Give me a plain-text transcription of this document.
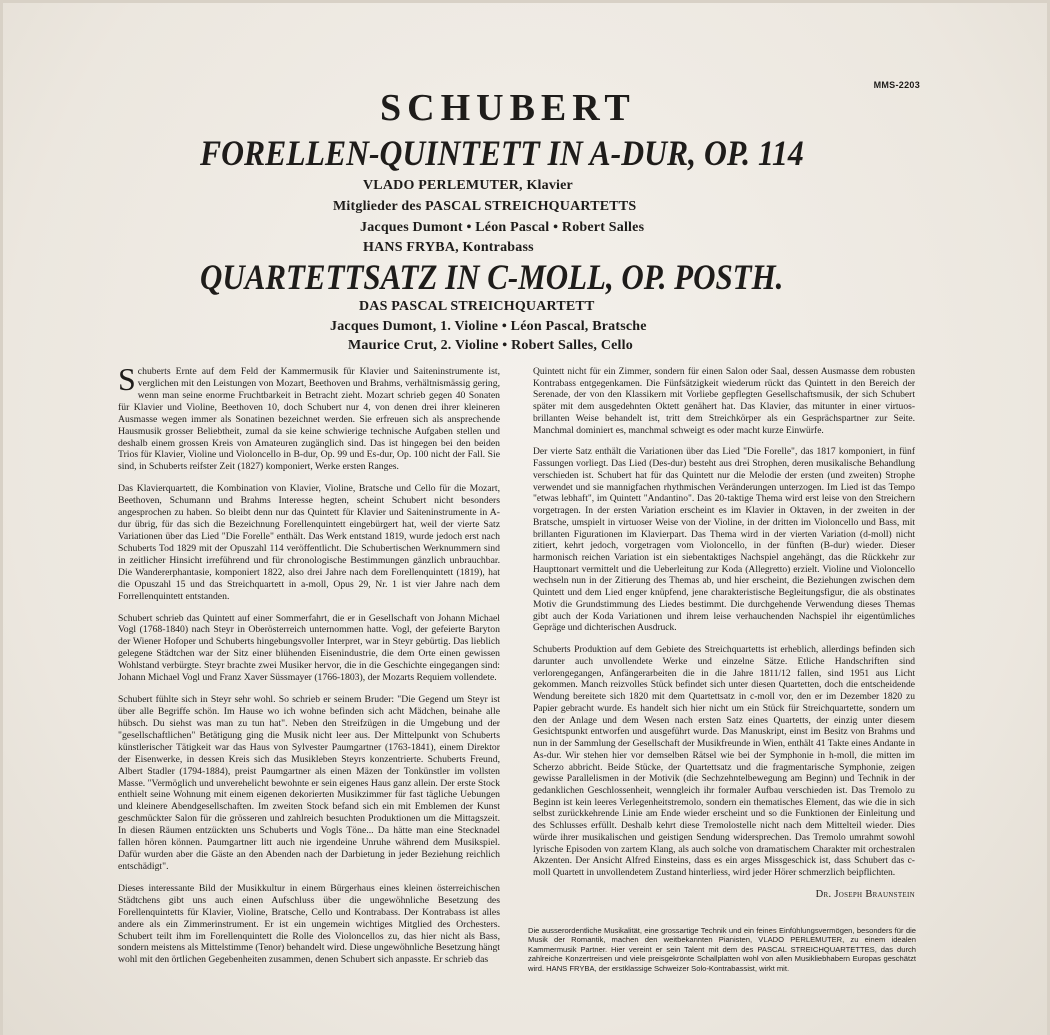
MMS-2203
SCHUBERT
FORELLEN-QUINTETT IN A-DUR, OP. 114
VLADO PERLEMUTER, Klavier
Mitglieder des PASCAL STREICHQUARTETTS
Jacques Dumont • Léon Pascal • Robert Salles
HANS FRYBA, Kontrabass
QUARTETTSATZ IN C-MOLL, OP. POSTH.
DAS PASCAL STREICHQUARTETT
Jacques Dumont, 1. Violine • Léon Pascal, Bratsche
Maurice Crut, 2. Violine • Robert Salles, Cello

Schuberts Ernte auf dem Feld der Kammermusik für Klavier und Saiteninstrumente ist, verglichen mit den Leistungen von Mozart, Beethoven und Brahms, verhältnismässig gering, wenn man seine enorme Fruchtbarkeit in Betracht zieht. Mozart schrieb gegen 40 Sonaten für Klavier und Violine, Beethoven 10, doch Schubert nur 4, von denen drei ihrer kleineren Ausmasse wegen immer als Sonatinen bezeichnet werden. Sie erfreuen sich als ansprechende Hausmusik grosser Beliebtheit, zumal da sie keine schwierige technische Aufgaben stellen und deshalb einem grossen Kreis von Amateuren zugänglich sind. Das ist hingegen bei den beiden Trios für Klavier, Violine und Violoncello in B-dur, Op. 99 und Es-dur, Op. 100 nicht der Fall. Sie sind, in Schuberts reifster Zeit (1827) komponiert, Werke ersten Ranges.

Das Klavierquartett, die Kombination von Klavier, Violine, Bratsche und Cello für die Mozart, Beethoven, Schumann und Brahms Interesse hegten, scheint Schubert nicht besonders angesprochen zu haben. So bleibt denn nur das Quintett für Klavier und Saiteninstrumente in A-dur übrig, für das sich die Bezeichnung Forellenquintett eingebürgert hat, weil der vierte Satz Variationen über das Lied "Die Forelle" enthält. Das Werk entstand 1819, wurde jedoch erst nach Schuberts Tod 1829 mit der Opuszahl 114 veröffentlicht. Die Schubertischen Werknummern sind in zeitlicher Hinsicht irreführend und für chronologische Bestimmungen gänzlich unbrauchbar. Die Wandererphantasie, komponiert 1822, also drei Jahre nach dem Forellenquintett (1819), hat die Opuszahl 15 und das Streichquartett in a-moll, Opus 29, Nr. 1 ist vier Jahre nach dem Forrellenquintett entstanden.

Schubert schrieb das Quintett auf einer Sommerfahrt, die er in Gesellschaft von Johann Michael Vogl (1768-1840) nach Steyr in Oberösterreich unternommen hatte. Vogl, der gefeierte Baryton der Wiener Hofoper und Schuberts hingebungsvoller Interpret, war in Steyr gebürtig. Das lieblich gelegene Städtchen war der Sitz einer blühenden Eisenindustrie, die dem Orte einen gewissen Wohlstand verbürgte. Steyr brachte zwei Musiker hervor, die in die Geschichte eingegangen sind: Johann Michael Vogl und Franz Xaver Süssmayer (1766-1803), der Mozarts Requiem vollendete.

Schubert fühlte sich in Steyr sehr wohl. So schrieb er seinem Bruder: "Die Gegend um Steyr ist über alle Begriffe schön. Im Hause wo ich wohne befinden sich acht Mädchen, beinahe alle hübsch. Du siehst was man zu tun hat". Neben den Streifzügen in die Umgebung und der "gesellschaftlichen" Betätigung ging die Musik nicht leer aus. Der Mittelpunkt von Schuberts künstlerischer Tätigkeit war das Haus von Sylvester Paumgartner (1763-1841), einem Direktor der Eisenwerke, in dessen Kreis sich das Musikleben Steyrs konzentrierte. Schuberts Freund, Albert Stadler (1794-1884), preist Paumgartner als einen Mäzen der Tonkünstler im vollsten Masse. "Vermöglich und unverehelicht bewohnte er sein eigenes Haus ganz allein. Der erste Stock enthielt seine Wohnung mit einem eigenen dekorierten Musikzimmer für fast tägliche Uebungen und kleinere Abendgesellschaften. Im zweiten Stock befand sich ein mit Emblemen der Kunst geschmückter Salon für die grösseren und zahlreich besuchten Produktionen um die Mittagszeit. In diesen Räumen entzückten uns Schuberts und Vogls Töne... Da hätte man eine Stecknadel fallen hören können. Paumgartner litt auch nie irgendeine Unruhe während dem Musikspiel. Dafür wurden aber die Gäste an den Abenden nach der Darbietung in jeder Beziehung reichlich entschädigt".

Dieses interessante Bild der Musikkultur in einem Bürgerhaus eines kleinen österreichischen Städtchens gibt uns auch einen Aufschluss über die ungewöhnliche Besetzung des Forellenquintetts für Klavier, Violine, Bratsche, Cello und Kontrabass. Der Kontrabass ist alles andere als ein Zimmerinstrument. Er ist ein ungemein wichtiges Mitglied des Orchesters. Schubert teilt ihm im Forellenquintett die Rolle des Violoncellos zu, das hier nicht als Bass, sondern meistens als Mittelstimme (Tenor) behandelt wird. Diese ungewöhnliche Besetzung hängt wohl mit den örtlichen Gegebenheiten zusammen, denen Schubert sich anpasste. Er schrieb das

Quintett nicht für ein Zimmer, sondern für einen Salon oder Saal, dessen Ausmasse dem robusten Kontrabass entgegenkamen. Die Fünfsätzigkeit wiederum rückt das Quintett in den Bereich der Serenade, der von den Klassikern mit Vorliebe gepflegten Gesellschaftsmusik, der sich Schubert später mit dem ausgedehnten Oktett genähert hat. Das Klavier, das mitunter in einer virtuos-brillanten Weise behandelt ist, tritt dem Streichkörper als ein Gesprächspartner zur Seite. Manchmal dominiert es, manchmal schweigt es oder macht kurze Einwürfe.

Der vierte Satz enthält die Variationen über das Lied "Die Forelle", das 1817 komponiert, in fünf Fassungen vorliegt. Das Lied (Des-dur) besteht aus drei Strophen, deren musikalische Behandlung verschieden ist. Schubert hat für das Quintett nur die Melodie der ersten (und zweiten) Strophe verwendet und sie mannigfachen rhythmischen Veränderungen unterzogen. Im Lied ist das Tempo "etwas lebhaft", im Quintett "Andantino". Das 20-taktige Thema wird erst leise von den Streichern vorgetragen. In der ersten Variation erscheint es im Klavier in Oktaven, in der zweiten in der Bratsche, umspielt in virtuoser Weise von der Violine, in der dritten im Violoncello und Bass, mit brillanten Figurationen im Klavierpart. Das Thema wird in der vierten Variation (d-moll) nicht zitiert, kehrt jedoch, vorgetragen vom Violoncello, in der fünften (B-dur) wieder. Dieser harmonisch reichen Variation ist ein siebentaktiges Nachspiel angehängt, das die Rückkehr zur Haupttonart vermittelt und die Ueberleitung zur Koda (Allegretto) erzielt. Violine und Violoncello wechseln nun in der Zitierung des Themas ab, und hier erscheint, die Beziehungen zwischen dem Quintett und dem Lied enger knüpfend, jene charakteristische Begleitungsfigur, die als obstinates Motiv die Grundstimmung des Liedes bestimmt. Die durchgehende Verwendung dieses Themas gibt auch der Koda Variationen und ihrem leise verhauchenden Nachspiel ihr eigentümliches Gepräge und dichterischen Ausdruck.

Schuberts Produktion auf dem Gebiete des Streichquartetts ist erheblich, allerdings befinden sich darunter auch unvollendete Werke und einzelne Sätze. Etliche Handschriften sind verlorengegangen, Anfängerarbeiten die in die Jahre 1811/12 fallen, sind 1951 aus Licht gekommen. Manch reizvolles Stück befindet sich unter diesen Quartetten, doch die entscheidende Wendung bereitete sich 1820 mit dem Quartettsatz in c-moll vor, den er im Dezember 1820 zu Papier gebracht wurde. Es handelt sich hier nicht um ein Stück für Streichquartette, sondern um den der Anlage und dem Wesen nach ersten Satz eines Quartetts, der einzig unter diesem Gesichtspunkt entworfen und ausgeführt wurde. Das Manuskript, einst im Besitz von Brahms und nun in der Sammlung der Gesellschaft der Musikfreunde in Wien, enthält 41 Takte eines Andante in As-dur. Wir stehen hier vor demselben Rätsel wie bei der Symphonie in h-moll, die mitten im Scherzo abbricht. Beide Stücke, der Quartettsatz und die fragmentarische Symphonie, zeigen gewisse Parallelismen in der Motivik (die Sechzehntelbewegung am Beginn) und Technik in der gedanklichen Geschlossenheit, wenngleich ihr formaler Aufbau verschieden ist. Das Tremolo zu Beginn ist kein leeres Verlegenheitstremolo, sondern ein thematisches Element, das wie die in sich selbst zurückkehrende Linie am Ende wieder erscheint und so die Funktionen der Einleitung und des Schlusses erfüllt. Deshalb kehrt diese Tremolostelle nicht nach dem Mittelteil wieder. Dies würde ihrer musikalischen und geistigen Sendung widersprechen. Das Tremolo umrahmt sowohl lyrische Episoden von zartem Klang, als auch solche von dramatischem Charakter mit orchestralen Akzenten. Der Ansicht Alfred Einsteins, dass es ein arges Missgeschick ist, dass Schubert das c-moll Quartett in unvollendetem Zustand hinterliess, wird jeder Hörer schmerzlich beipflichten.

Dr. Joseph Braunstein
Die ausserordentliche Musikalität, eine grossartige Technik und ein feines Einfühlungsvermögen, besonders für die Musik der Romantik, machen den weitbekannten Pianisten, VLADO PERLEMUTER, zu einem idealen Kammermusik Partner. Hier vereint er sein Talent mit dem des PASCAL STREICHQUARTETTES, das durch zahlreiche Konzertreisen und viele preisgekrönte Schallplatten wohl von allen Musikliebhabern Europas geschätzt wird. HANS FRYBA, der erstklassige Schweizer Solo-Kontrabassist, wirkt mit.
